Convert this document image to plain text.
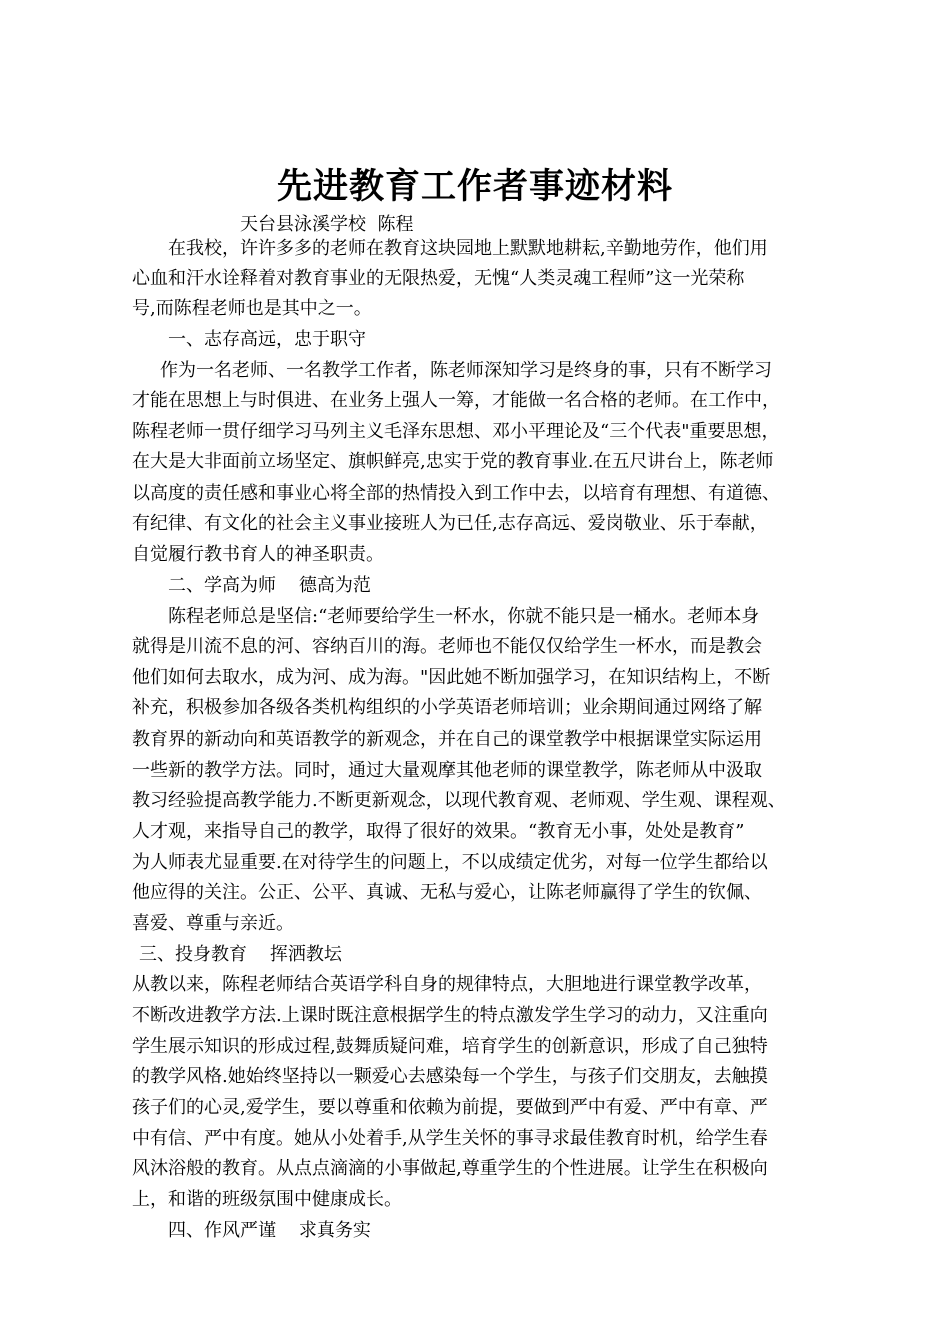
先进教育工作者事迹材料

天台县泳溪学校  陈程

在我校，许许多多的老师在教育这块园地上默默地耕耘,辛勤地劳作，他们用

心血和汗水诠释着对教育事业的无限热爱，无愧“人类灵魂工程师”这一光荣称

号,而陈程老师也是其中之一。

一、志存高远，忠于职守

作为一名老师、一名教学工作者，陈老师深知学习是终身的事，只有不断学习

才能在思想上与时俱进、在业务上强人一筹，才能做一名合格的老师。在工作中，

陈程老师一贯仔细学习马列主义毛泽东思想、邓小平理论及“三个代表"重要思想，

在大是大非面前立场坚定、旗帜鲜亮,忠实于党的教育事业.在五尺讲台上，陈老师

以高度的责任感和事业心将全部的热情投入到工作中去，以培育有理想、有道德、

有纪律、有文化的社会主义事业接班人为已任,志存高远、爱岗敬业、乐于奉献，

自觉履行教书育人的神圣职责。

二、学高为师    德高为范

陈程老师总是坚信:“老师要给学生一杯水，你就不能只是一桶水。老师本身

就得是川流不息的河、容纳百川的海。老师也不能仅仅给学生一杯水，而是教会

他们如何去取水，成为河、成为海。"因此她不断加强学习，在知识结构上，不断

补充，积极参加各级各类机构组织的小学英语老师培训；业余期间通过网络了解

教育界的新动向和英语教学的新观念，并在自己的课堂教学中根据课堂实际运用

一些新的教学方法。同时，通过大量观摩其他老师的课堂教学，陈老师从中汲取

教习经验提高教学能力.不断更新观念，以现代教育观、老师观、学生观、课程观、

人才观，来指导自己的教学，取得了很好的效果。“教育无小事，处处是教育”

为人师表尤显重要.在对待学生的问题上，不以成绩定优劣，对每一位学生都给以

他应得的关注。公正、公平、真诚、无私与爱心，让陈老师赢得了学生的钦佩、

喜爱、尊重与亲近。

三、投身教育    挥洒教坛

从教以来，陈程老师结合英语学科自身的规律特点，大胆地进行课堂教学改革，

不断改进教学方法.上课时既注意根据学生的特点激发学生学习的动力，又注重向

学生展示知识的形成过程,鼓舞质疑问难，培育学生的创新意识，形成了自己独特

的教学风格.她始终坚持以一颗爱心去感染每一个学生，与孩子们交朋友，去触摸

孩子们的心灵,爱学生，要以尊重和依赖为前提，要做到严中有爱、严中有章、严

中有信、严中有度。她从小处着手,从学生关怀的事寻求最佳教育时机，给学生春

风沐浴般的教育。从点点滴滴的小事做起,尊重学生的个性进展。让学生在积极向

上，和谐的班级氛围中健康成长。

四、作风严谨    求真务实
